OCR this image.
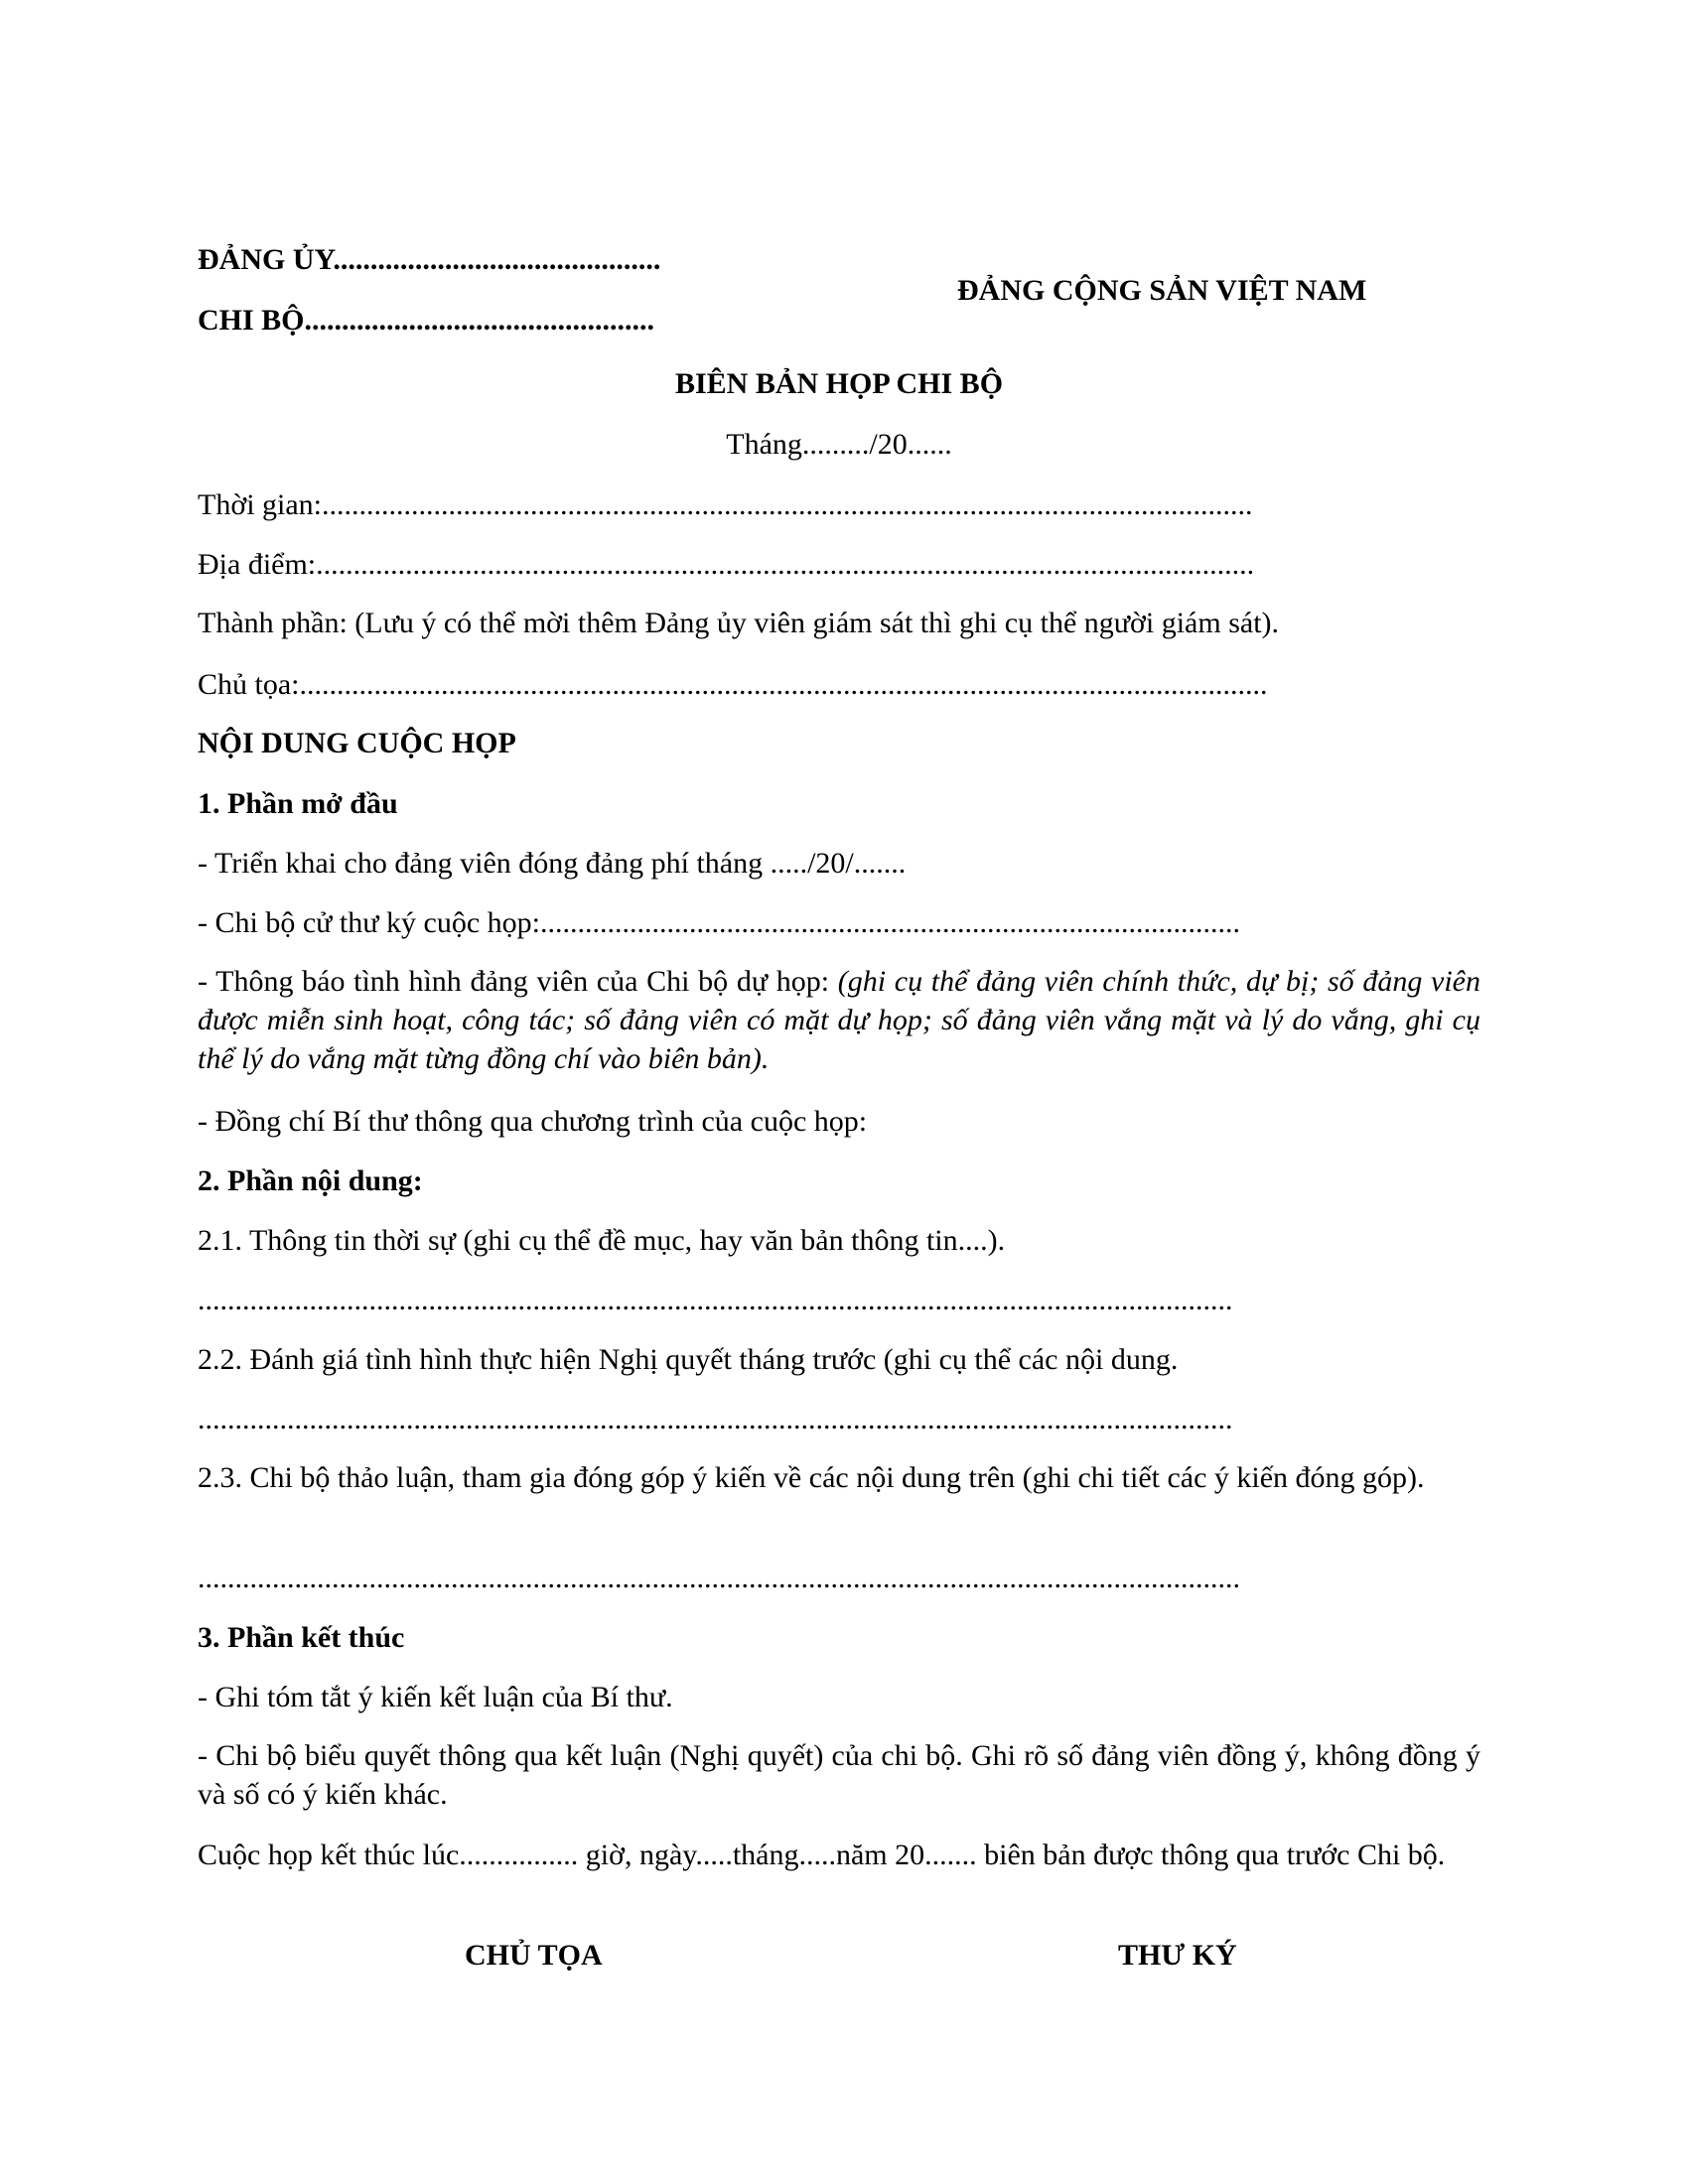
ĐẢNG ỦY............................................

CHI BỘ...............................................

ĐẢNG CỘNG SẢN VIỆT NAM

BIÊN BẢN HỌP CHI BỘ

Tháng........./20......

Thời gian:.............................................................................................................................

Địa điểm:..............................................................................................................................

Thành phần: (Lưu ý có thể mời thêm Đảng ủy viên giám sát thì ghi cụ thể người giám sát).

Chủ tọa:..................................................................................................................................

NỘI DUNG CUỘC HỌP

1. Phần mở đầu

- Triển khai cho đảng viên đóng đảng phí tháng ...../20/.......

- Chi bộ cử thư ký cuộc họp:..............................................................................................

- Thông báo tình hình đảng viên của Chi bộ dự họp: (ghi cụ thể đảng viên chính thức, dự bị; số đảng viên được miễn sinh hoạt, công tác; số đảng viên có mặt dự họp; số đảng viên vắng mặt và lý do vắng, ghi cụ thể lý do vắng mặt từng đồng chí vào biên bản).

- Đồng chí Bí thư thông qua chương trình của cuộc họp:

2. Phần nội dung:

2.1. Thông tin thời sự (ghi cụ thể đề mục, hay văn bản thông tin....).

...........................................................................................................................................

2.2. Đánh giá tình hình thực hiện Nghị quyết tháng trước (ghi cụ thể các nội dung.

...........................................................................................................................................

2.3. Chi bộ thảo luận, tham gia đóng góp ý kiến về các nội dung trên (ghi chi tiết các ý kiến đóng góp).

............................................................................................................................................

3. Phần kết thúc

- Ghi tóm tắt ý kiến kết luận của Bí thư.

- Chi bộ biểu quyết thông qua kết luận (Nghị quyết) của chi bộ. Ghi rõ số đảng viên đồng ý, không đồng ý và số có ý kiến khác.

Cuộc họp kết thúc lúc................ giờ, ngày.....tháng.....năm 20....... biên bản được thông qua trước Chi bộ.

CHỦ TỌA	THƯ KÝ
